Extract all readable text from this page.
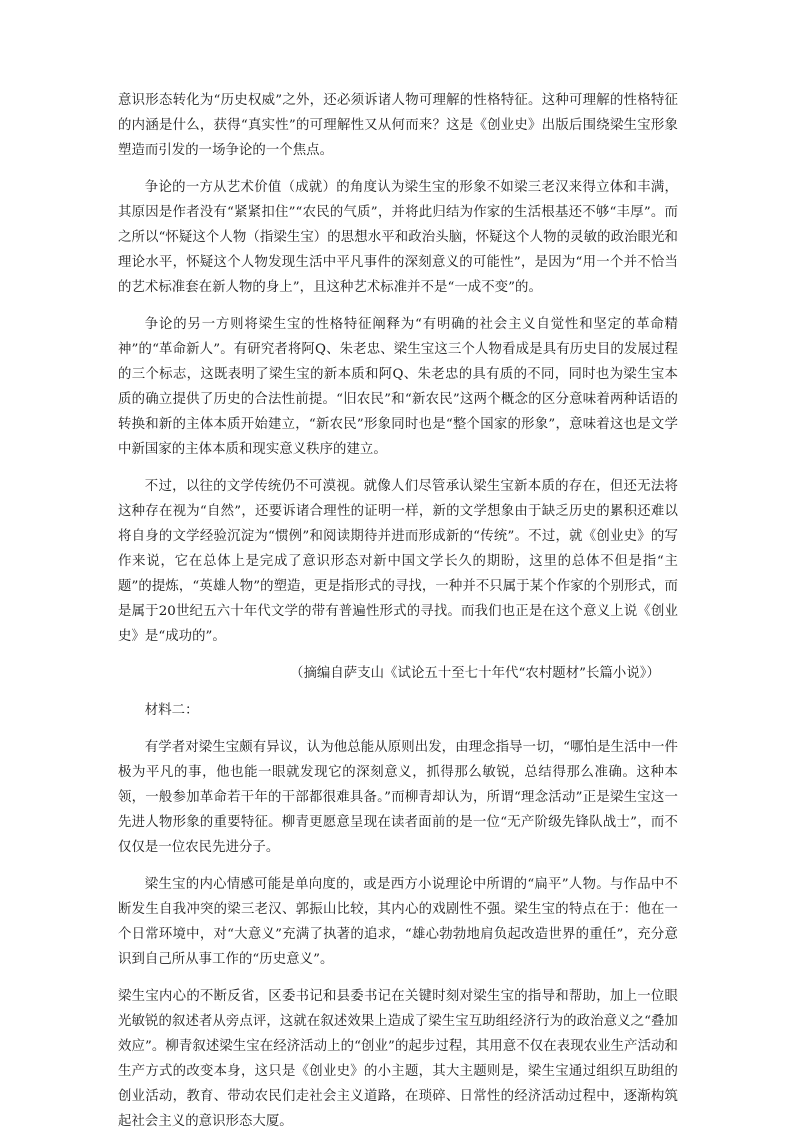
意识形态转化为“历史权威”之外，还必须诉诸人物可理解的性格特征。这种可理解的性格特征的内涵是什么，获得“真实性”的可理解性又从何而来？这是《创业史》出版后围绕梁生宝形象塑造而引发的一场争论的一个焦点。

争论的一方从艺术价值（成就）的角度认为梁生宝的形象不如梁三老汉来得立体和丰满，其原因是作者没有“紧紧扣住”“农民的气质”，并将此归结为作家的生活根基还不够“丰厚”。而之所以“怀疑这个人物（指梁生宝）的思想水平和政治头脑，怀疑这个人物的灵敏的政治眼光和理论水平，怀疑这个人物发现生活中平凡事件的深刻意义的可能性”，是因为“用一个并不恰当的艺术标准套在新人物的身上”，且这种艺术标准并不是“一成不变”的。

争论的另一方则将梁生宝的性格特征阐释为“有明确的社会主义自觉性和坚定的革命精神”的“革命新人”。有研究者将阿Q、朱老忠、梁生宝这三个人物看成是具有历史目的发展过程的三个标志，这既表明了梁生宝的新本质和阿Q、朱老忠的具有质的不同，同时也为梁生宝本质的确立提供了历史的合法性前提。“旧农民”和“新农民”这两个概念的区分意味着两种话语的转换和新的主体本质开始建立，“新农民”形象同时也是“整个国家的形象”，意味着这也是文学中新国家的主体本质和现实意义秩序的建立。

不过，以往的文学传统仍不可漠视。就像人们尽管承认梁生宝新本质的存在，但还无法将这种存在视为“自然”，还要诉诸合理性的证明一样，新的文学想象由于缺乏历史的累积还难以将自身的文学经验沉淀为“惯例”和阅读期待并进而形成新的“传统”。不过，就《创业史》的写作来说，它在总体上是完成了意识形态对新中国文学长久的期盼，这里的总体不但是指“主题”的提炼，“英雄人物”的塑造，更是指形式的寻找，一种并不只属于某个作家的个别形式，而是属于20世纪五六十年代文学的带有普遍性形式的寻找。而我们也正是在这个意义上说《创业史》是“成功的”。

（摘编自萨支山《试论五十至七十年代“农村题材”长篇小说》）

材料二：

有学者对梁生宝颇有异议，认为他总能从原则出发，由理念指导一切，“哪怕是生活中一件极为平凡的事，他也能一眼就发现它的深刻意义，抓得那么敏锐，总结得那么准确。这种本领，一般参加革命若干年的干部都很难具备。”而柳青却认为，所谓“理念活动”正是梁生宝这一先进人物形象的重要特征。柳青更愿意呈现在读者面前的是一位“无产阶级先锋队战士”，而不仅仅是一位农民先进分子。

梁生宝的内心情感可能是单向度的，或是西方小说理论中所谓的“扁平”人物。与作品中不断发生自我冲突的梁三老汉、郭振山比较，其内心的戏剧性不强。梁生宝的特点在于：他在一个日常环境中，对“大意义”充满了执著的追求，“雄心勃勃地肩负起改造世界的重任”，充分意识到自己所从事工作的“历史意义”。

梁生宝内心的不断反省，区委书记和县委书记在关键时刻对梁生宝的指导和帮助，加上一位眼光敏锐的叙述者从旁点评，这就在叙述效果上造成了梁生宝互助组经济行为的政治意义之“叠加效应”。柳青叙述梁生宝在经济活动上的“创业”的起步过程，其用意不仅在表现农业生产活动和生产方式的改变本身，这只是《创业史》的小主题，其大主题则是，梁生宝通过组织互助组的创业活动，教育、带动农民们走社会主义道路，在琐碎、日常性的经济活动过程中，逐渐构筑起社会主义的意识形态大厦。
